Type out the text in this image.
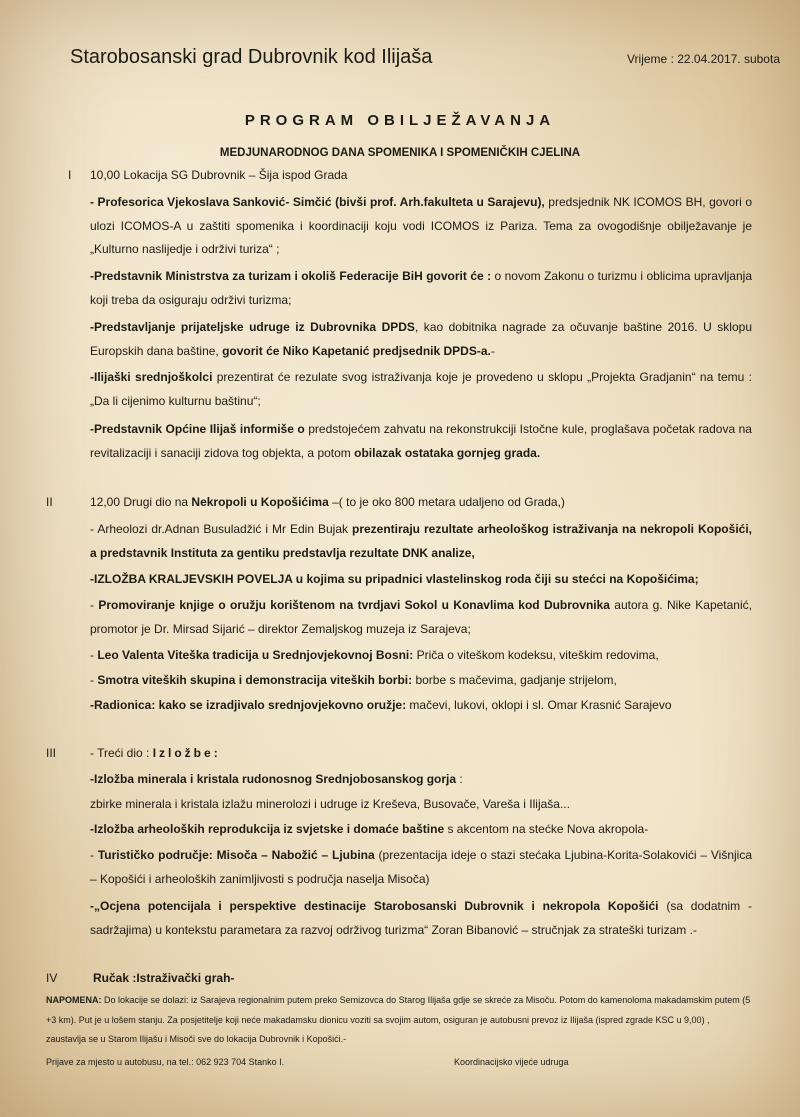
Starobosanski grad Dubrovnik kod Ilijaša	Vrijeme : 22.04.2017. subota
PROGRAM OBILJEŽAVANJA
MEDJUNARODNOG DANA SPOMENIKA I SPOMENIČKIH CJELINA
I 10,00 Lokacija SG Dubrovnik – Šija ispod Grada
- Profesorica Vjekoslava Sanković- Simčić (bivši prof. Arh.fakulteta u Sarajevu), predsjednik NK ICOMOS BH, govori o ulozi ICOMOS-A u zaštiti spomenika i koordinaciji koju vodi ICOMOS iz Pariza. Tema za ovogodišnje obilježavanje je „Kulturno naslijedje i održivi turiza“ ;
-Predstavnik Ministrstva za turizam i okoliš Federacije BiH govorit će : o novom Zakonu o turizmu i oblicima upravljanja koji treba da osiguraju održivi turizma;
-Predstavljanje prijateljske udruge iz Dubrovnika DPDS, kao dobitnika nagrade za očuvanje baštine 2016. U sklopu Europskih dana baštine, govorit će Niko Kapetanić predjsednik DPDS-a.-
-Ilijaški srednjoškolci prezentirat će rezulate svog istraživanja koje je provedeno u sklopu „Projekta Gradjanin“ na temu : „Da li cijenimo kulturnu baštinu“;
-Predstavnik Općine Ilijaš informiše o predstojećem zahvatu na rekonstrukciji Istočne kule, proglašava početak radova na revitalizaciji i sanaciji zidova tog objekta, a potom obilazak ostataka gornjeg grada.
II	12,00 Drugi dio na Nekropoli u Kopošićima –( to je oko 800 metara udaljeno od Grada,)
- Arheolozi dr.Adnan Busuladžić i Mr Edin Bujak prezentiraju rezultate arheološkog istraživanja na nekropoli Kopošići, a predstavnik Instituta za gentiku predstavlja rezultate DNK analize,
-IZLOŽBA KRALJEVSKIH POVELJA u kojima su pripadnici vlastelinskog roda čiji su stećci na Kopošićima;
- Promoviranje knjige o oružju korištenom na tvrdjavi Sokol u Konavlima kod Dubrovnika autora g. Nike Kapetanić, promotor je Dr. Mirsad Sijarić – direktor Zemaljskog muzeja iz Sarajeva;
- Leo Valenta Viteška tradicija u Srednjovjekovnoj Bosni: Priča o viteškom kodeksu, viteškim redovima,
- Smotra viteških skupina i demonstracija viteških borbi: borbe s mačevima, gadjanje strijelom,
-Radionica: kako se izradjivalo srednjovjekovno oružje: mačevi, lukovi, oklopi i sl. Omar Krasnić Sarajevo
III	- Treći dio : Izložbe:
-Izložba minerala i kristala rudonosnog Srednjobosanskog gorja :
zbirke minerala i kristala izlažu minerolozi i udruge iz Kreševa, Busovače, Vareša i Ilijaša...
-Izložba arheoloških reprodukcija iz svjetske i domaće baštine s akcentom na stećke Nova akropola-
- Turističko područje: Misoča – Nabožić – Ljubina (prezentacija ideje o stazi stećaka Ljubina-Korita-Solakovići – Višnjica – Kopošići i arheoloških zanimljivosti s područja naselja Misoča)
-„Ocjena potencijala i perspektive destinacije Starobosanski Dubrovnik i nekropola Kopošići (sa dodatnim -sadržajima) u kontekstu parametara za razvoj održivog turizma“ Zoran Bibanović – stručnjak za strateški turizam .-
IV	Ručak :Istraživački grah-
NAPOMENA: Do lokacije se dolazi: iz Sarajeva regionalnim putem preko Semizovca do Starog Ilijaša gdje se skreće za Misoču. Potom do kamenoloma makadamskim putem (5 +3 km). Put je u lošem stanju. Za posjetitelje koji neće makadamsku dionicu voziti sa svojim autom, osiguran je autobusni prevoz iz Ilijaša (ispred zgrade KSC u 9,00) , zaustavlja se u Starom Ilijašu i Misoči sve do lokacija Dubrovnik i Kopošići.-
Prijave za mjesto u autobusu, na tel.: 062 923 704 Stanko I.	Koordinacijsko vijeće udruga
